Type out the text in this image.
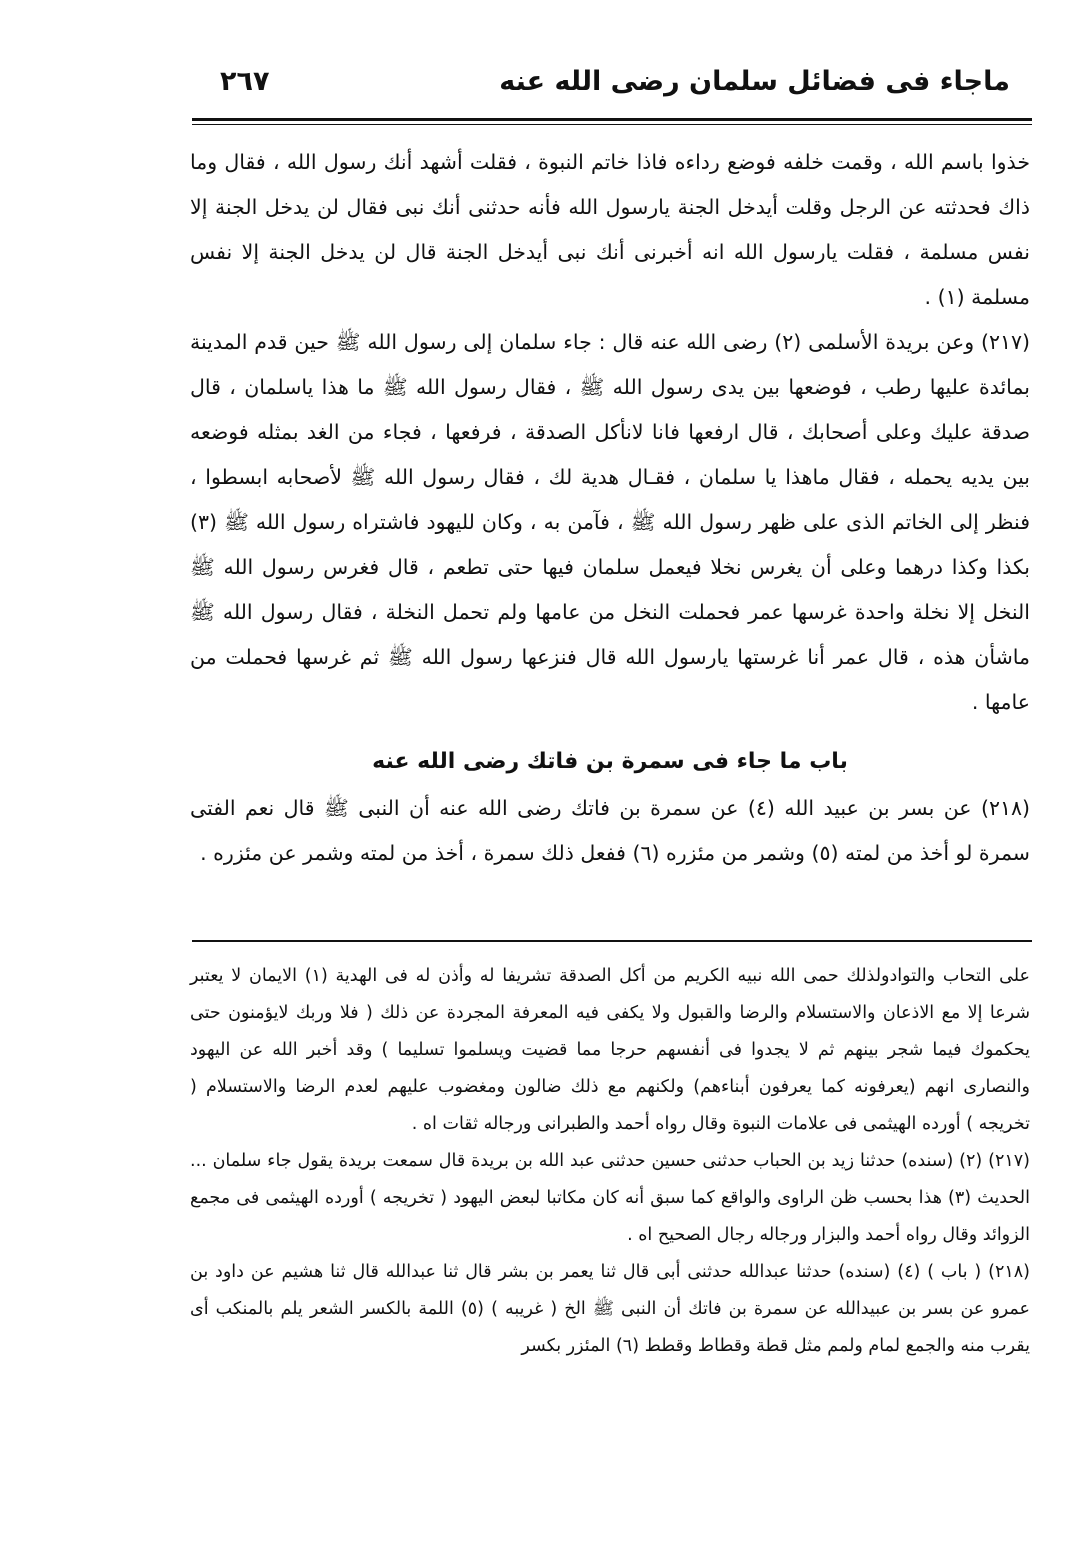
ماجاء فى فضائل سلمان رضى الله عنه
٢٦٧

خذوا باسم الله ، وقمت خلفه فوضع رداءه فاذا خاتم النبوة ، فقلت أشهد أنك رسول الله ، فقال وما ذاك فحدثته عن الرجل وقلت أيدخل الجنة يارسول الله فأنه حدثنى أنك نبى فقال لن يدخل الجنة إلا نفس مسلمة ، فقلت يارسول الله انه أخبرنى أنك نبى أيدخل الجنة قال لن يدخل الجنة إلا نفس مسلمة (١) .

(٢١٧) وعن بريدة الأسلمى (٢) رضى الله عنه قال : جاء سلمان إلى رسول الله ﷺ حين قدم المدينة بمائدة عليها رطب ، فوضعها بين يدى رسول الله ﷺ ، فقال رسول الله ﷺ ما هذا ياسلمان ، قال صدقة عليك وعلى أصحابك ، قال ارفعها فانا لانأكل الصدقة ، فرفعها ، فجاء من الغد بمثله فوضعه بين يديه يحمله ، فقال ماهذا يا سلمان ، فقـال هدية لك ، فقال رسول الله ﷺ لأصحابه ابسطوا ، فنظر إلى الخاتم الذى على ظهر رسول الله ﷺ ، فآمن به ، وكان لليهود فاشتراه رسول الله ﷺ (٣) بكذا وكذا درهما وعلى أن يغرس نخلا فيعمل سلمان فيها حتى تطعم ، قال فغرس رسول الله ﷺ النخل إلا نخلة واحدة غرسها عمر فحملت النخل من عامها ولم تحمل النخلة ، فقال رسول الله ﷺ ماشأن هذه ، قال عمر أنا غرستها يارسول الله قال فنزعها رسول الله ﷺ ثم غرسها فحملت من عامها .

باب ما جاء فى سمرة بن فاتك رضى الله عنه

(٢١٨) عن بسر بن عبيد الله (٤) عن سمرة بن فاتك رضى الله عنه أن النبى ﷺ قال نعم الفتى سمرة لو أخذ من لمته (٥) وشمر من مئزره (٦) ففعل ذلك سمرة ، أخذ من لمته وشمر عن مئزره .

على التحاب والتوادولذلك حمى الله نبيه الكريم من أكل الصدقة تشريفا له وأذن له فى الهدية (١) الايمان لا يعتبر شرعا إلا مع الاذعان والاستسلام والرضا والقبول ولا يكفى فيه المعرفة المجردة عن ذلك ( فلا وربك لايؤمنون حتى يحكموك فيما شجر بينهم ثم لا يجدوا فى أنفسهم حرجا مما قضيت ويسلموا تسليما ) وقد أخبر الله عن اليهود والنصارى انهم (يعرفونه كما يعرفون أبناءهم) ولكنهم مع ذلك ضالون ومغضوب عليهم لعدم الرضا والاستسلام ( تخريجه ) أورده الهيثمى فى علامات النبوة وقال رواه أحمد والطبرانى ورجاله ثقات اه .

(٢١٧) (٢) (سنده) حدثنا زيد بن الحباب حدثنى حسين حدثنى عبد الله بن بريدة قال سمعت بريدة يقول جاء سلمان ... الحديث (٣) هذا بحسب ظن الراوى والواقع كما سبق أنه كان مكاتبا لبعض اليهود ( تخريجه ) أورده الهيثمى فى مجمع الزوائد وقال رواه أحمد والبزار ورجاله رجال الصحيح اه .

(٢١٨) ( باب ) (٤) (سنده) حدثنا عبدالله حدثنى أبى قال ثنا يعمر بن بشر قال ثنا عبدالله قال ثنا هشيم عن داود بن عمرو عن بسر بن عبيدالله عن سمرة بن فاتك أن النبى ﷺ الخ ( غريبه ) (٥) اللمة بالكسر الشعر يلم بالمنكب أى يقرب منه والجمع لمام ولمم مثل قطة وقطاط وقطط (٦) المئزر بكسر
